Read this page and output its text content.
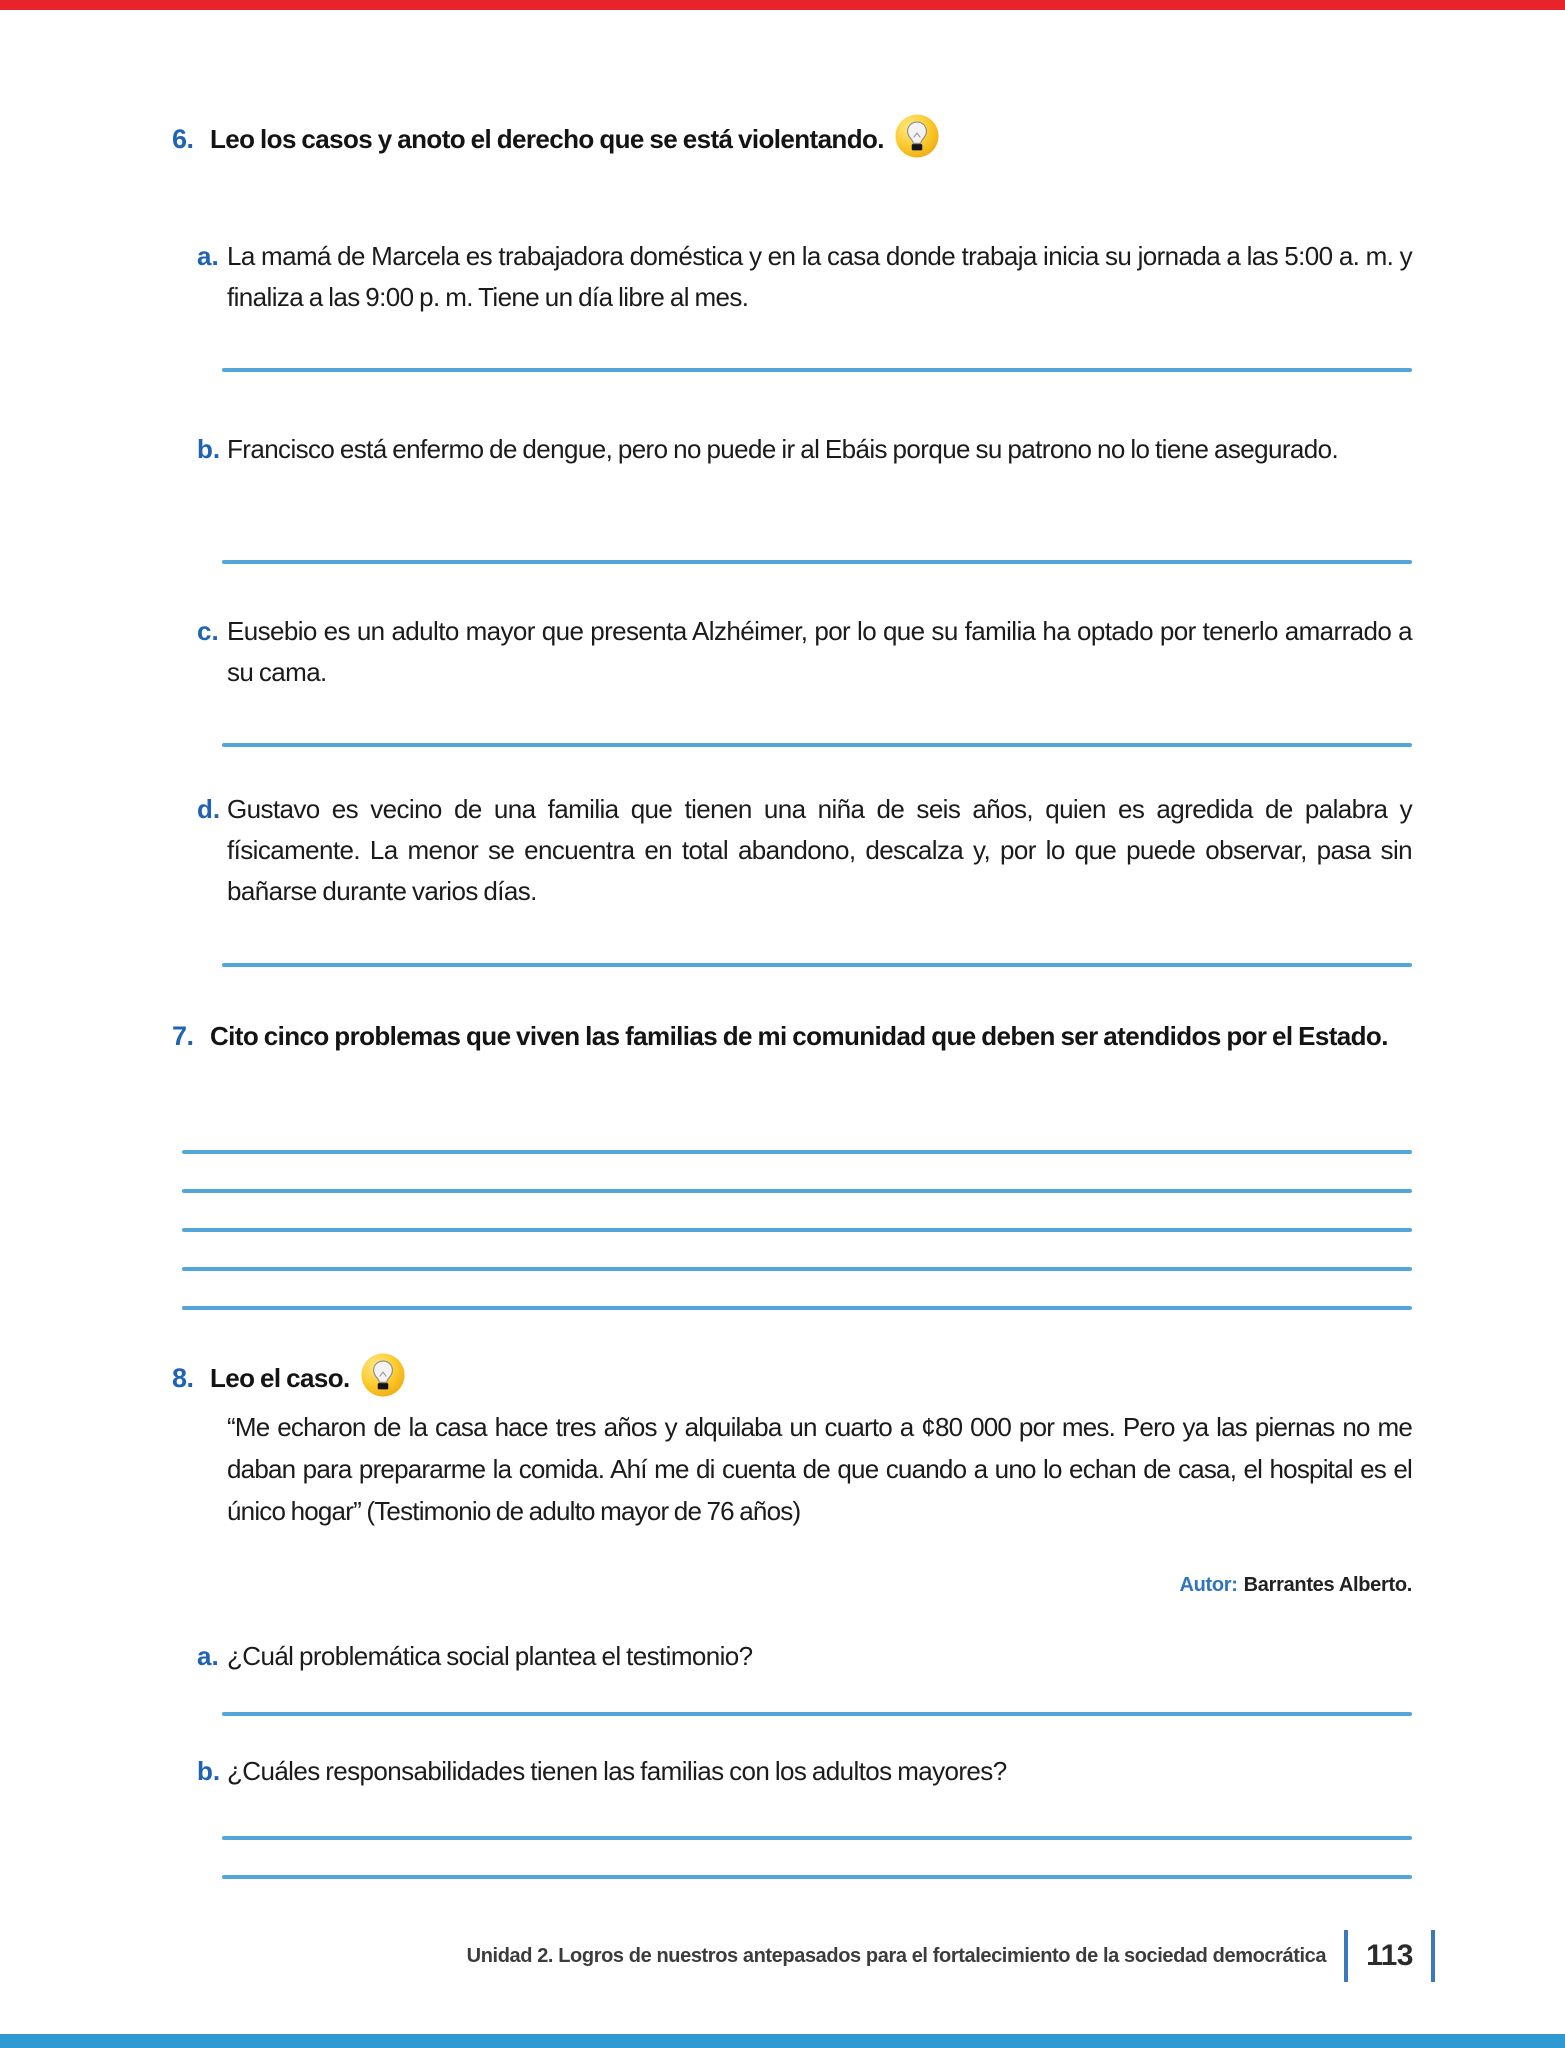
6. Leo los casos y anoto el derecho que se está violentando.
a. La mamá de Marcela es trabajadora doméstica y en la casa donde trabaja inicia su jornada a las 5:00 a. m. y finaliza a las 9:00 p. m. Tiene un día libre al mes.

b. Francisco está enfermo de dengue, pero no puede ir al Ebáis porque su patrono no lo tiene asegurado.

c. Eusebio es un adulto mayor que presenta Alzhéimer, por lo que su familia ha optado por tenerlo amarrado a su cama.

d. Gustavo es vecino de una familia que tienen una niña de seis años, quien es agredida de palabra y físicamente. La menor se encuentra en total abandono, descalza y, por lo que puede observar, pasa sin bañarse durante varios días.

7. Cito cinco problemas que viven las familias de mi comunidad que deben ser atendidos por el Estado.
8. Leo el caso.

“Me echaron de la casa hace tres años y alquilaba un cuarto a ¢80 000 por mes. Pero ya las piernas no me daban para prepararme la comida. Ahí me di cuenta de que cuando a uno lo echan de casa, el hospital es el único hogar” (Testimonio de adulto mayor de 76 años)

Autor: Barrantes Alberto.
a. ¿Cuál problemática social plantea el testimonio?

b. ¿Cuáles responsabilidades tienen las familias con los adultos mayores?

Unidad 2. Logros de nuestros antepasados para el fortalecimiento de la sociedad democrática 113
